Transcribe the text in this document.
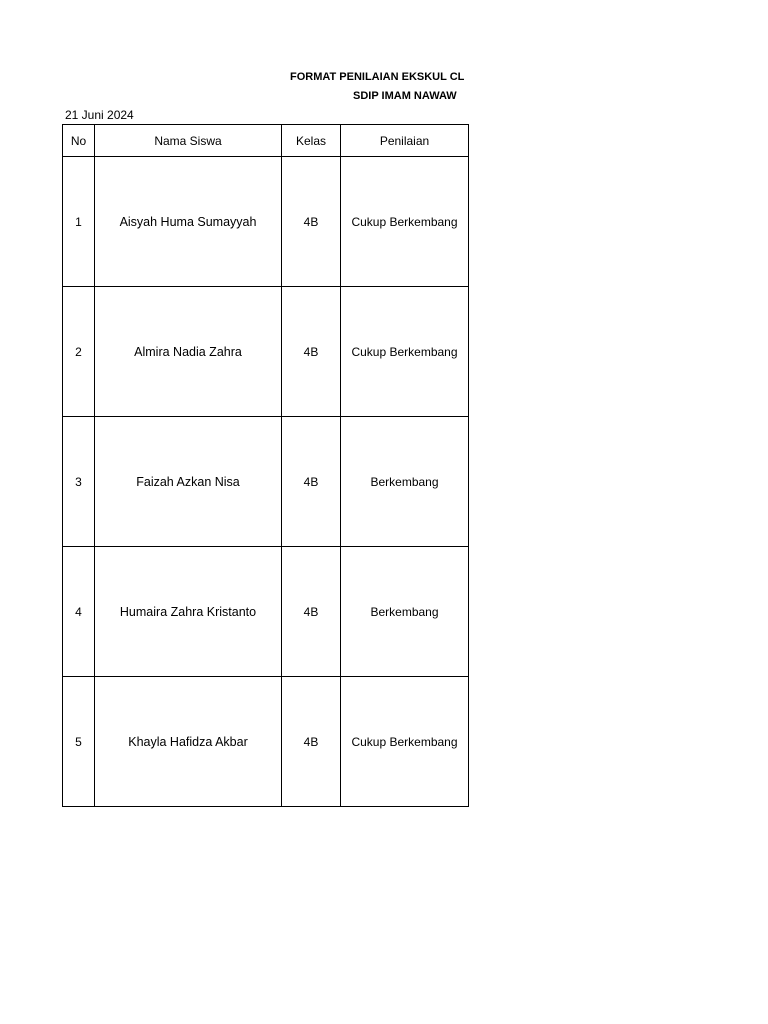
FORMAT PENILAIAN EKSKUL CL
SDIP IMAM NAWAW
21 Juni 2024
No	Nama Siswa	Kelas	Penilaian
1	Aisyah Huma Sumayyah	4B	Cukup Berkembang
2	Almira Nadia Zahra	4B	Cukup Berkembang
3	Faizah Azkan Nisa	4B	Berkembang
4	Humaira Zahra Kristanto	4B	Berkembang
5	Khayla Hafidza Akbar	4B	Cukup Berkembang
